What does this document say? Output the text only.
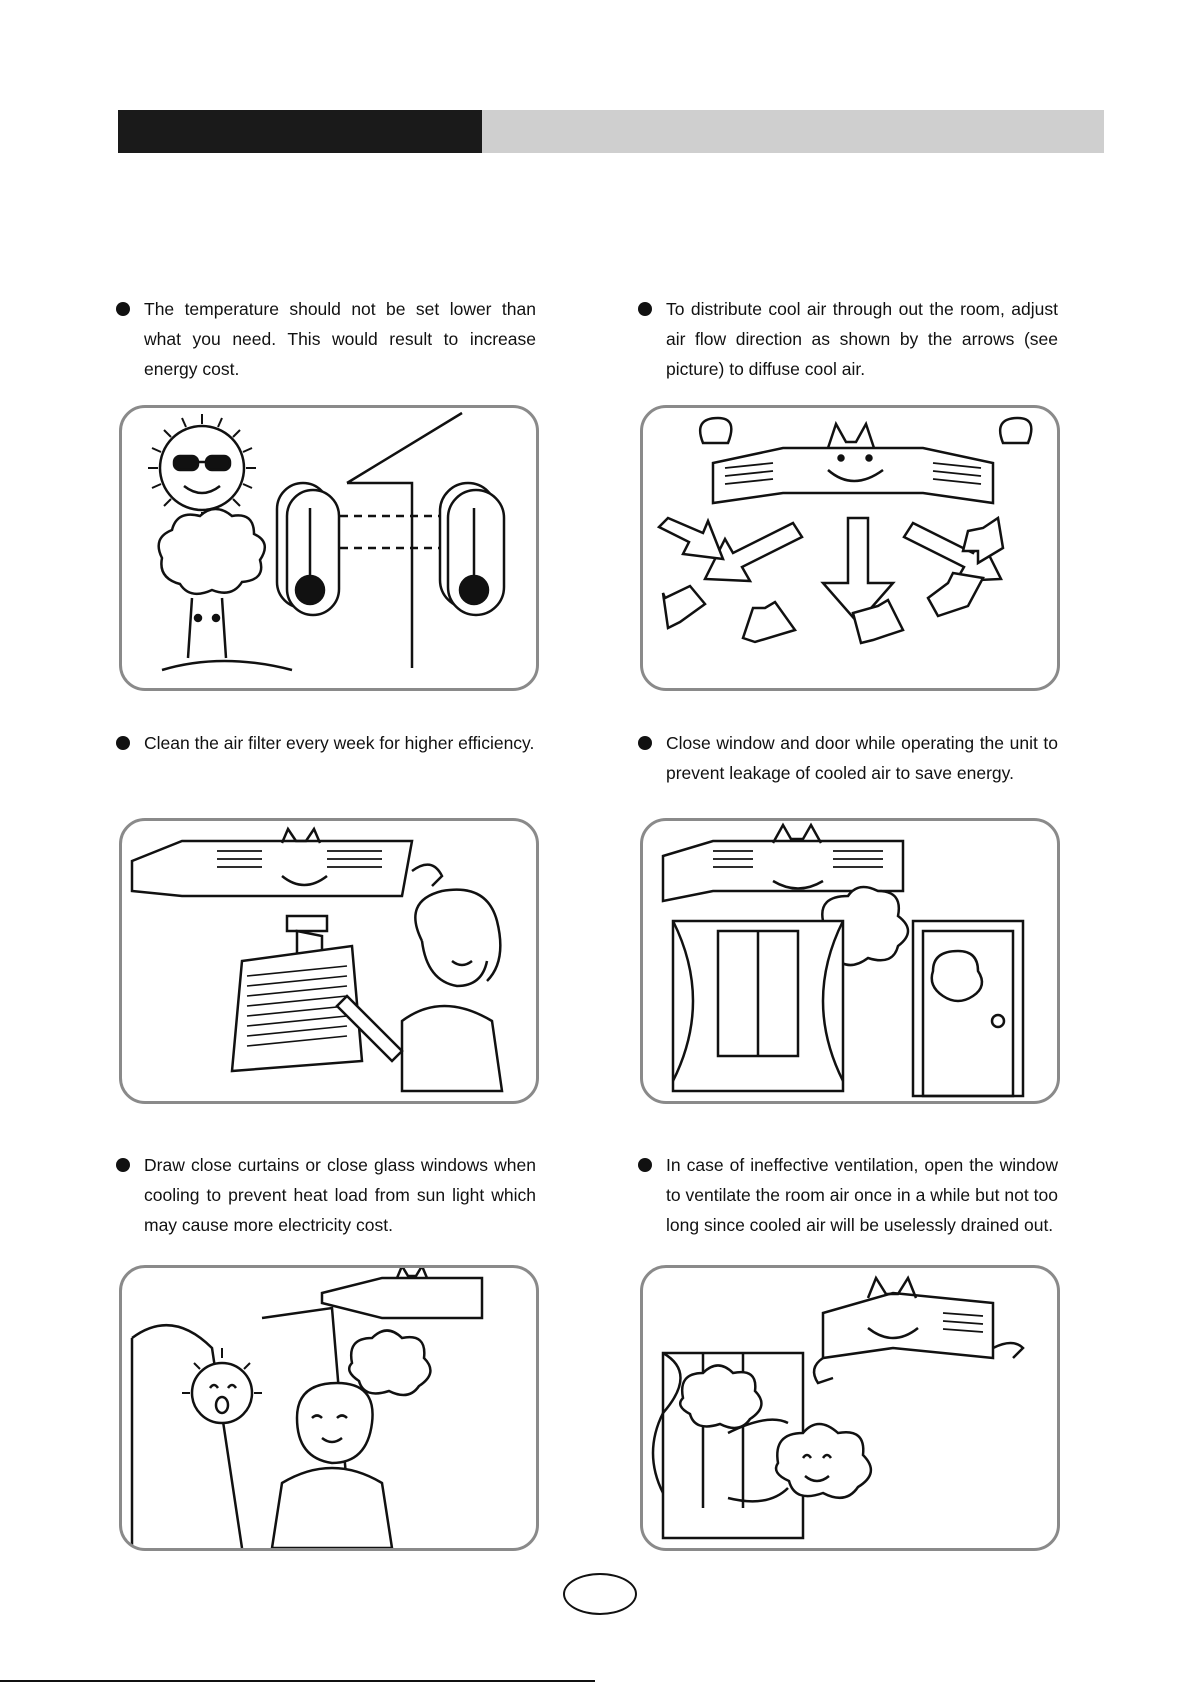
The temperature should not be set lower than what you need. This would result to increase energy cost.
To distribute cool air through out the room, adjust air flow direction as shown by the arrows (see picture) to diffuse cool air.
Clean the air filter every week for higher efficiency.	Close window and door while operating the unit to prevent leakage of cooled air to save energy.
Draw close curtains or close glass windows when cooling to prevent heat load from sun light which may cause more electricity cost.
In case of ineffective ventilation, open the window to ventilate the room air once in a while but not too long since cooled air will be uselessly drained out.
